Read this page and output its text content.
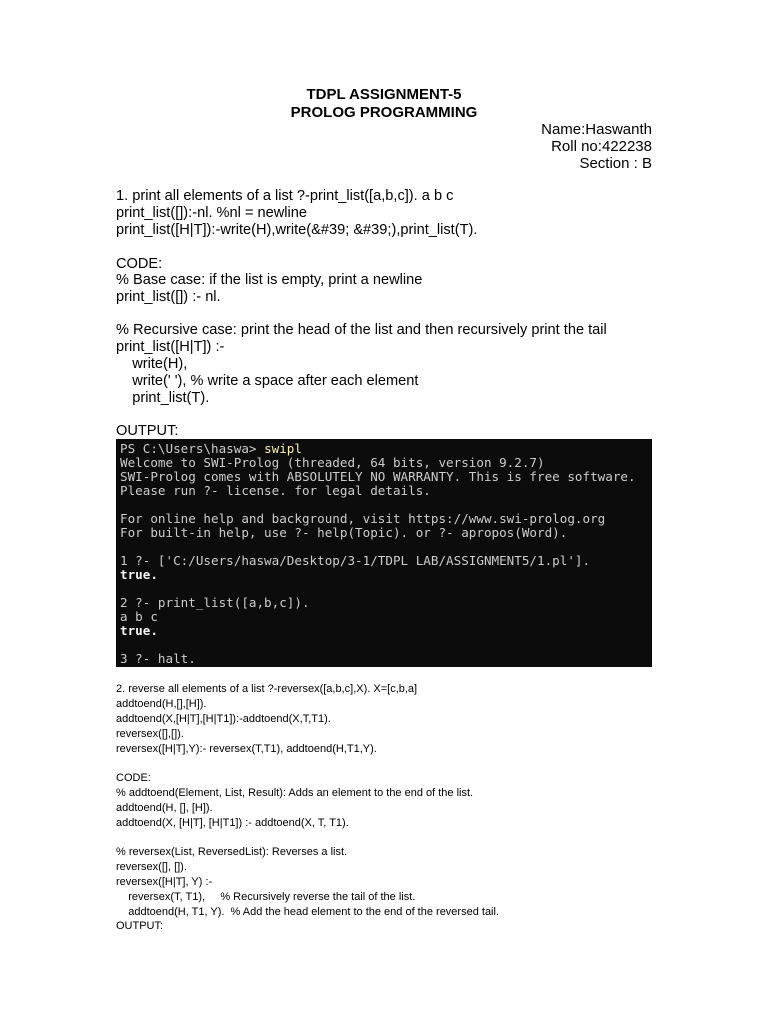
TDPL ASSIGNMENT-5
PROLOG PROGRAMMING
Name:Haswanth
Roll no:422238
Section : B
1. print all elements of a list ?-print_list([a,b,c]). a b c
print_list([]):-nl. %nl = newline
print_list([H|T]):-write(H),write(&#39; &#39;),print_list(T).
CODE:
% Base case: if the list is empty, print a newline
print_list([]) :- nl.
% Recursive case: print the head of the list and then recursively print the tail
print_list([H|T]) :-
write(H),
write(' '), % write a space after each element
print_list(T).
OUTPUT:
PS C:\Users\haswa> swipl
Welcome to SWI-Prolog (threaded, 64 bits, version 9.2.7)
SWI-Prolog comes with ABSOLUTELY NO WARRANTY. This is free software.
Please run ?- license. for legal details.
For online help and background, visit https://www.swi-prolog.org
For built-in help, use ?- help(Topic). or ?- apropos(Word).
1 ?- ['C:/Users/haswa/Desktop/3-1/TDPL LAB/ASSIGNMENT5/1.pl'].
true.
2 ?- print_list([a,b,c]).
a b c
true.
3 ?- halt.
2. reverse all elements of a list ?-reversex([a,b,c],X). X=[c,b,a]
addtoend(H,[],[H]).
addtoend(X,[H|T],[H|T1]):-addtoend(X,T,T1).
reversex([],[]).
reversex([H|T],Y):- reversex(T,T1), addtoend(H,T1,Y).
CODE:
% addtoend(Element, List, Result): Adds an element to the end of the list.
addtoend(H, [], [H]).
addtoend(X, [H|T], [H|T1]) :- addtoend(X, T, T1).
% reversex(List, ReversedList): Reverses a list.
reversex([], []).
reversex([H|T], Y) :-
reversex(T, T1),     % Recursively reverse the tail of the list.
addtoend(H, T1, Y).  % Add the head element to the end of the reversed tail.
OUTPUT:
